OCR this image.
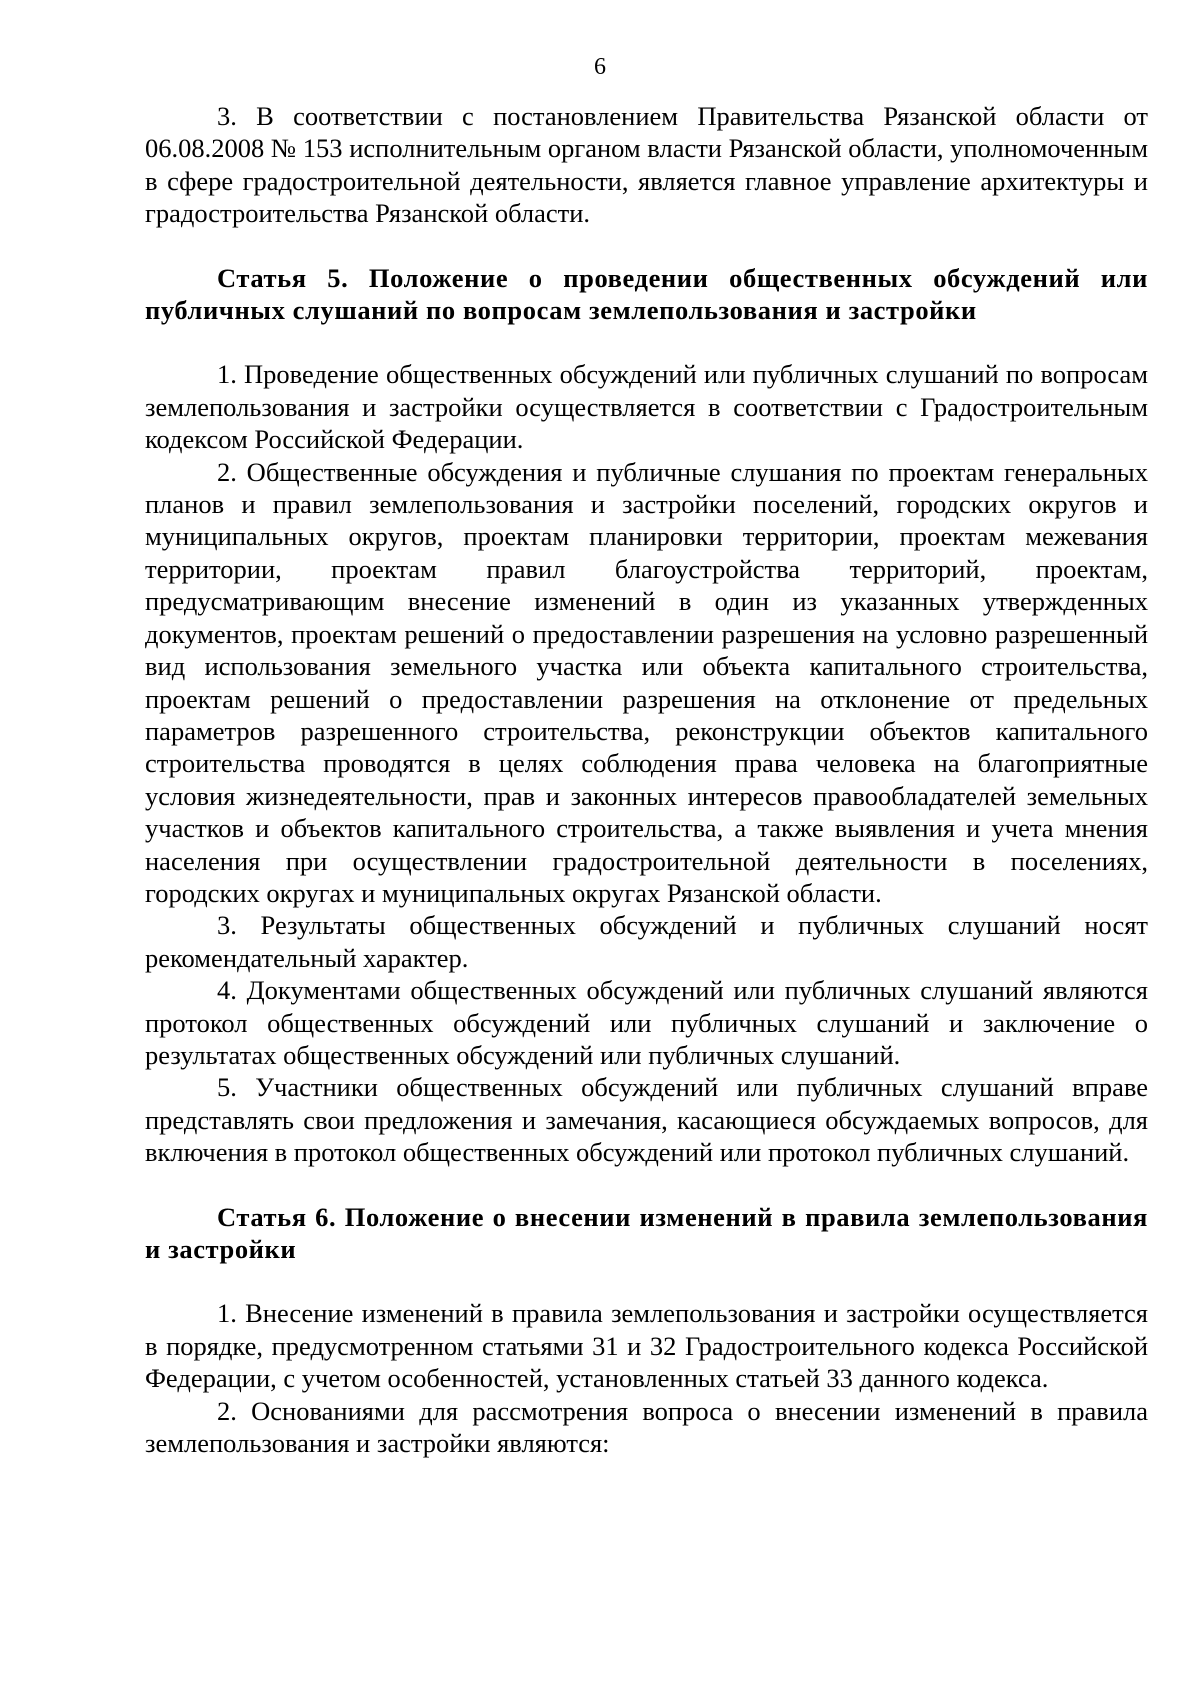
6

3. В соответствии с постановлением Правительства Рязанской области от 06.08.2008 № 153 исполнительным органом власти Рязанской области, уполномоченным в сфере градостроительной деятельности, является главное управление архитектуры и градостроительства Рязанской области.

Статья 5. Положение о проведении общественных обсуждений или публичных слушаний по вопросам землепользования и застройки

1. Проведение общественных обсуждений или публичных слушаний по вопросам землепользования и застройки осуществляется в соответствии с Градостроительным кодексом Российской Федерации.

2. Общественные обсуждения и публичные слушания по проектам генеральных планов и правил землепользования и застройки поселений, городских округов и муниципальных округов, проектам планировки территории, проектам межевания территории, проектам правил благоустройства территорий, проектам, предусматривающим внесение изменений в один из указанных утвержденных документов, проектам решений о предоставлении разрешения на условно разрешенный вид использования земельного участка или объекта капитального строительства, проектам решений о предоставлении разрешения на отклонение от предельных параметров разрешенного строительства, реконструкции объектов капитального строительства проводятся в целях соблюдения права человека на благоприятные условия жизнедеятельности, прав и законных интересов правообладателей земельных участков и объектов капитального строительства, а также выявления и учета мнения населения при осуществлении градостроительной деятельности в поселениях, городских округах и муниципальных округах Рязанской области.

3. Результаты общественных обсуждений и публичных слушаний носят рекомендательный характер.

4. Документами общественных обсуждений или публичных слушаний являются протокол общественных обсуждений или публичных слушаний и заключение о результатах общественных обсуждений или публичных слушаний.

5. Участники общественных обсуждений или публичных слушаний вправе представлять свои предложения и замечания, касающиеся обсуждаемых вопросов, для включения в протокол общественных обсуждений или протокол публичных слушаний.

Статья 6. Положение о внесении изменений в правила землепользования и застройки

1. Внесение изменений в правила землепользования и застройки осуществляется в порядке, предусмотренном статьями 31 и 32 Градостроительного кодекса Российской Федерации, с учетом особенностей, установленных статьей 33 данного кодекса.

2. Основаниями для рассмотрения вопроса о внесении изменений в правила землепользования и застройки являются:
